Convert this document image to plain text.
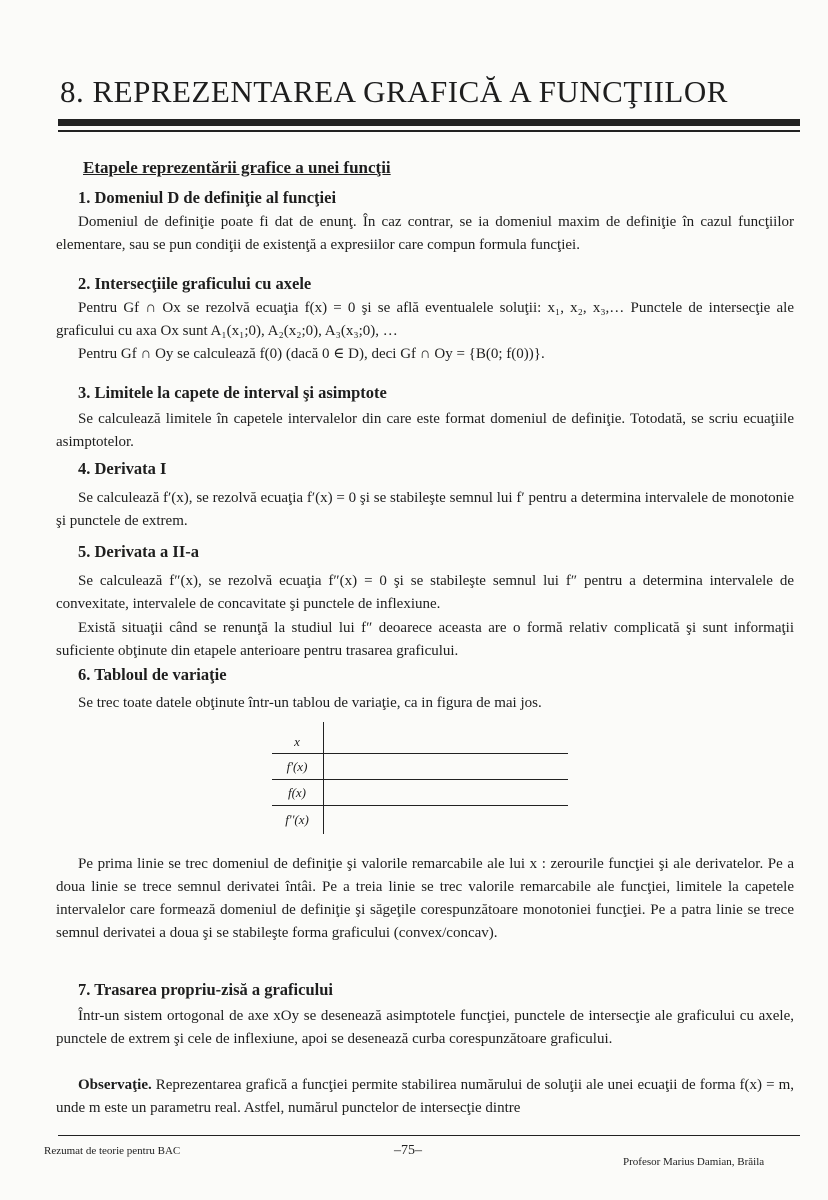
8. REPREZENTAREA GRAFICĂ A FUNCŢIILOR
Etapele reprezentării grafice a unei funcţii
1. Domeniul D de definiţie al funcţiei
Domeniul de definiţie poate fi dat de enunţ. În caz contrar, se ia domeniul maxim de definiţie în cazul funcţiilor elementare, sau se pun condiţii de existenţă a expresiilor care compun formula funcţiei.
2. Intersecţiile graficului cu axele
Pentru Gf ∩ Ox se rezolvă ecuaţia f(x) = 0 şi se află eventualele soluţii: x₁, x₂, x₃,… Punctele de intersecţie ale graficului cu axa Ox sunt A₁(x₁;0), A₂(x₂;0), A₃(x₃;0), …
Pentru Gf ∩ Oy se calculează f(0) (dacă 0 ∈ D), deci Gf ∩ Oy = {B(0; f(0))}.
3. Limitele la capete de interval şi asimptote
Se calculează limitele în capetele intervalelor din care este format domeniul de definiţie. Totodată, se scriu ecuaţiile asimptotelor.
4. Derivata I
Se calculează f′(x), se rezolvă ecuaţia f′(x) = 0 şi se stabileşte semnul lui f′ pentru a determina intervalele de monotonie şi punctele de extrem.
5. Derivata a II-a
Se calculează f″(x), se rezolvă ecuaţia f″(x) = 0 şi se stabileşte semnul lui f″ pentru a determina intervalele de convexitate, intervalele de concavitate şi punctele de inflexiune.
Există situaţii când se renunţă la studiul lui f″ deoarece aceasta are o formă relativ complicată şi sunt informaţii suficiente obţinute din etapele anterioare pentru trasarea graficului.
6. Tabloul de variaţie
Se trec toate datele obţinute într-un tablou de variaţie, ca in figura de mai jos.
x
f'(x)
f(x)
f''(x)
Pe prima linie se trec domeniul de definiţie şi valorile remarcabile ale lui x : zerourile funcţiei şi ale derivatelor. Pe a doua linie se trece semnul derivatei întâi. Pe a treia linie se trec valorile remarcabile ale funcţiei, limitele la capetele intervalelor care formează domeniul de definiţie şi săgeţile corespunzătoare monotoniei funcţiei. Pe a patra linie se trece semnul derivatei a doua şi se stabileşte forma graficului (convex/concav).
7. Trasarea propriu-zisă a graficului
Într-un sistem ortogonal de axe xOy se desenează asimptotele funcţiei, punctele de intersecţie ale graficului cu axele, punctele de extrem şi cele de inflexiune, apoi se desenează curba corespunzătoare graficului.
Observaţie. Reprezentarea grafică a funcţiei permite stabilirea numărului de soluţii ale unei ecuaţii de forma f(x) = m, unde m este un parametru real. Astfel, numărul punctelor de intersecţie dintre
Rezumat de teorie pentru BAC	–75–
Profesor Marius Damian, Brăila
